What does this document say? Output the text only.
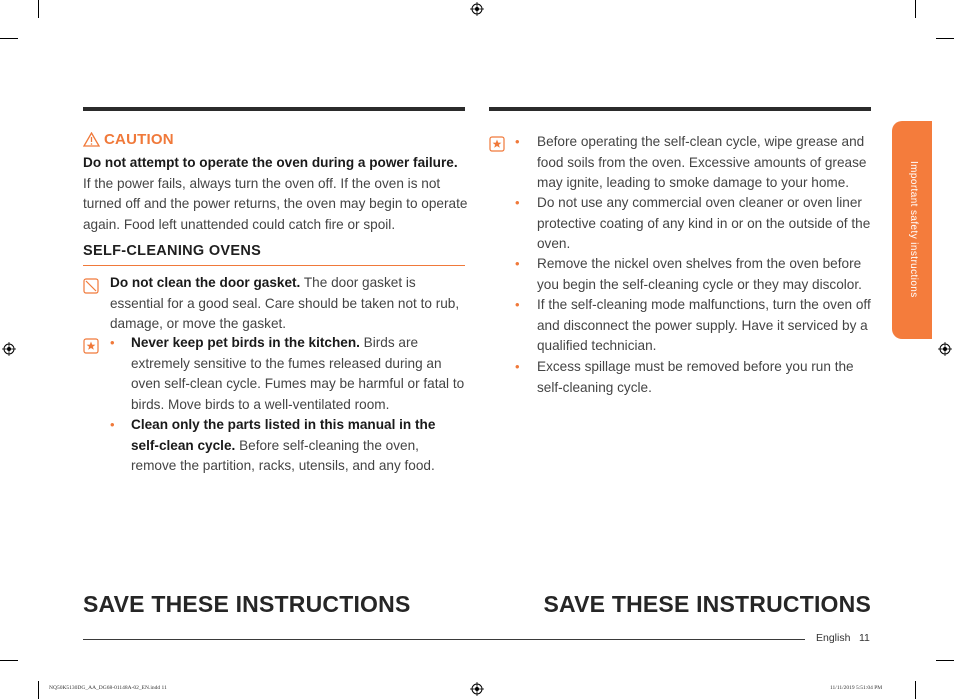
CAUTION
Do not attempt to operate the oven during a power failure. If the power fails, always turn the oven off. If the oven is not turned off and the power returns, the oven may begin to operate again. Food left unattended could catch fire or spoil.
SELF-CLEANING OVENS
Do not clean the door gasket. The door gasket is essential for a good seal. Care should be taken not to rub, damage, or move the gasket.
• Never keep pet birds in the kitchen. Birds are extremely sensitive to the fumes released during an oven self-clean cycle. Fumes may be harmful or fatal to birds. Move birds to a well-ventilated room.
• Clean only the parts listed in this manual in the self-clean cycle. Before self-cleaning the oven, remove the partition, racks, utensils, and any food.
• Before operating the self-clean cycle, wipe grease and food soils from the oven. Excessive amounts of grease may ignite, leading to smoke damage to your home.
• Do not use any commercial oven cleaner or oven liner protective coating of any kind in or on the outside of the oven.
• Remove the nickel oven shelves from the oven before you begin the self-cleaning cycle or they may discolor.
• If the self-cleaning mode malfunctions, turn the oven off and disconnect the power supply. Have it serviced by a qualified technician.
• Excess spillage must be removed before you run the self-cleaning cycle.
Important safety instructions
SAVE THESE INSTRUCTIONS	SAVE THESE INSTRUCTIONS
English 11
NQ50K5130DG_AA_DG68-01148A-02_EN.indd 11	11/11/2019 5:51:04 PM
